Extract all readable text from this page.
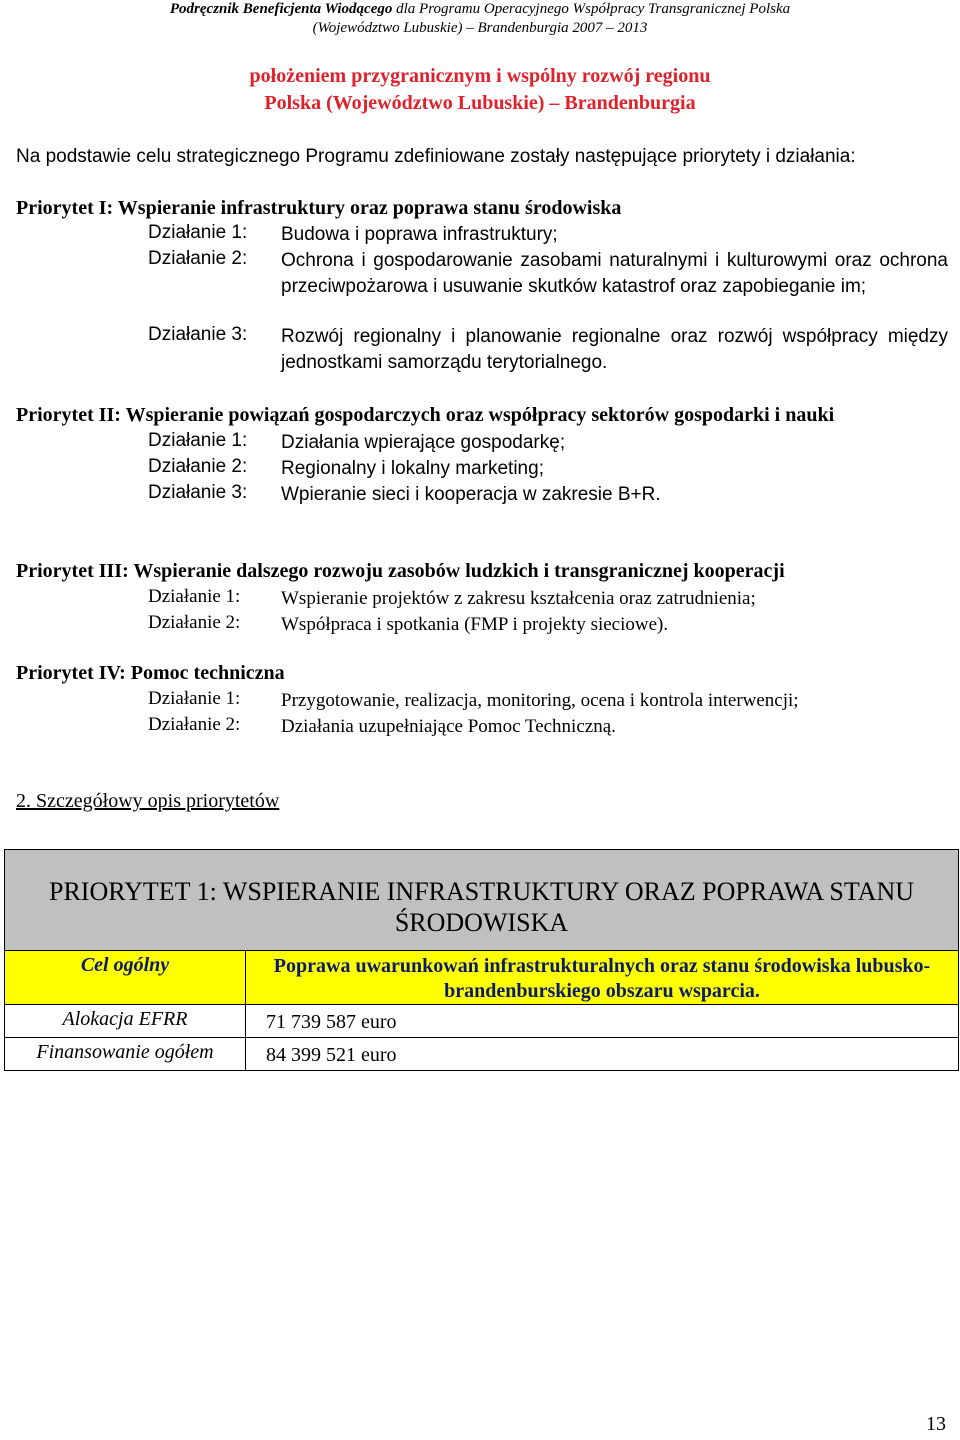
Podręcznik Beneficjenta Wiodącego dla Programu Operacyjnego Współpracy Transgranicznej Polska
(Województwo Lubuskie) – Brandenburgia 2007 – 2013
położeniem przygranicznym i wspólny rozwój regionu
Polska (Województwo Lubuskie) – Brandenburgia
Na podstawie celu strategicznego Programu zdefiniowane zostały następujące priorytety i działania:
Priorytet I: Wspieranie infrastruktury oraz poprawa stanu środowiska
Działanie 1:	Budowa i poprawa infrastruktury;
Działanie 2:	Ochrona i gospodarowanie zasobami naturalnymi i kulturowymi oraz ochrona przeciwpożarowa i usuwanie skutków katastrof oraz zapobieganie im;
Działanie 3:	Rozwój regionalny i planowanie regionalne oraz rozwój współpracy między jednostkami samorządu terytorialnego.
Priorytet II: Wspieranie powiązań gospodarczych oraz współpracy sektorów gospodarki i nauki
Działanie 1:	Działania wpierające gospodarkę;
Działanie 2:	Regionalny i lokalny marketing;
Działanie 3:	Wpieranie sieci i kooperacja w zakresie B+R.
Priorytet III: Wspieranie dalszego rozwoju zasobów ludzkich i transgranicznej kooperacji
Działanie 1:	Wspieranie projektów z zakresu kształcenia oraz zatrudnienia;
Działanie 2:	Współpraca i spotkania (FMP i projekty sieciowe).
Priorytet IV: Pomoc techniczna
Działanie 1:	Przygotowanie, realizacja, monitoring, ocena i kontrola interwencji;
Działanie 2:	Działania uzupełniające Pomoc Techniczną.
2. Szczegółowy opis priorytetów
PRIORYTET 1: WSPIERANIE INFRASTRUKTURY ORAZ POPRAWA STANU ŚRODOWISKA
Cel ogólny	Poprawa uwarunkowań infrastrukturalnych oraz stanu środowiska lubusko-brandenburskiego obszaru wsparcia.
Alokacja EFRR	71 739 587 euro
Finansowanie ogółem	84 399 521 euro
13
